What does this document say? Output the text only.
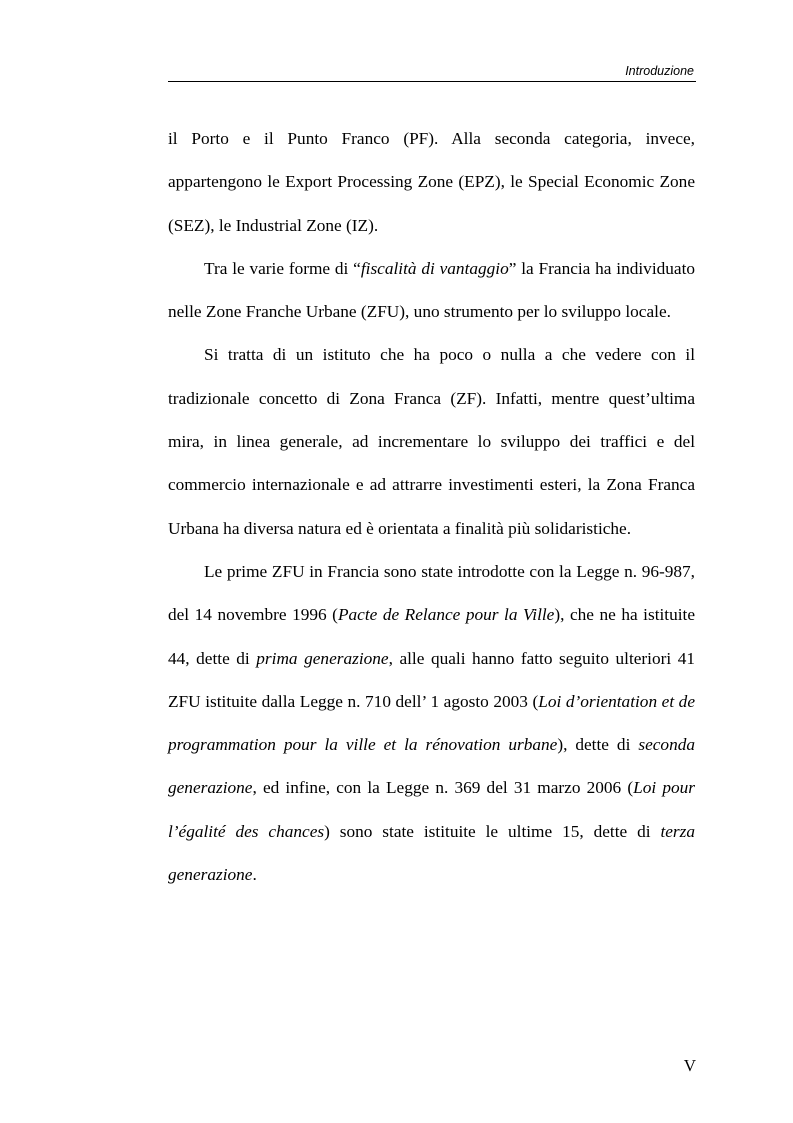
Introduzione

il Porto e il Punto Franco (PF). Alla seconda categoria, invece, appartengono le Export Processing Zone (EPZ), le Special Economic Zone (SEZ), le Industrial Zone (IZ).

Tra le varie forme di “fiscalità di vantaggio” la Francia ha individuato nelle Zone Franche Urbane (ZFU), uno strumento per lo sviluppo locale.

Si tratta di un istituto che ha poco o nulla a che vedere con il tradizionale concetto di Zona Franca (ZF). Infatti, mentre quest’ultima mira, in linea generale, ad incrementare lo sviluppo dei traffici e del commercio internazionale e ad attrarre investimenti esteri, la Zona Franca Urbana ha diversa natura ed è orientata a finalità più solidaristiche.

Le prime ZFU in Francia sono state introdotte con la Legge n. 96-987, del 14 novembre 1996 (Pacte de Relance pour la Ville), che ne ha istituite 44, dette di prima generazione, alle quali hanno fatto seguito ulteriori 41 ZFU istituite dalla Legge n. 710 dell’ 1 agosto 2003 (Loi d’orientation et de programmation pour la ville et la rénovation urbane), dette di seconda generazione, ed infine, con la Legge n. 369 del 31 marzo 2006 (Loi pour l’égalité des chances) sono state istituite le ultime 15, dette di terza generazione.

V
